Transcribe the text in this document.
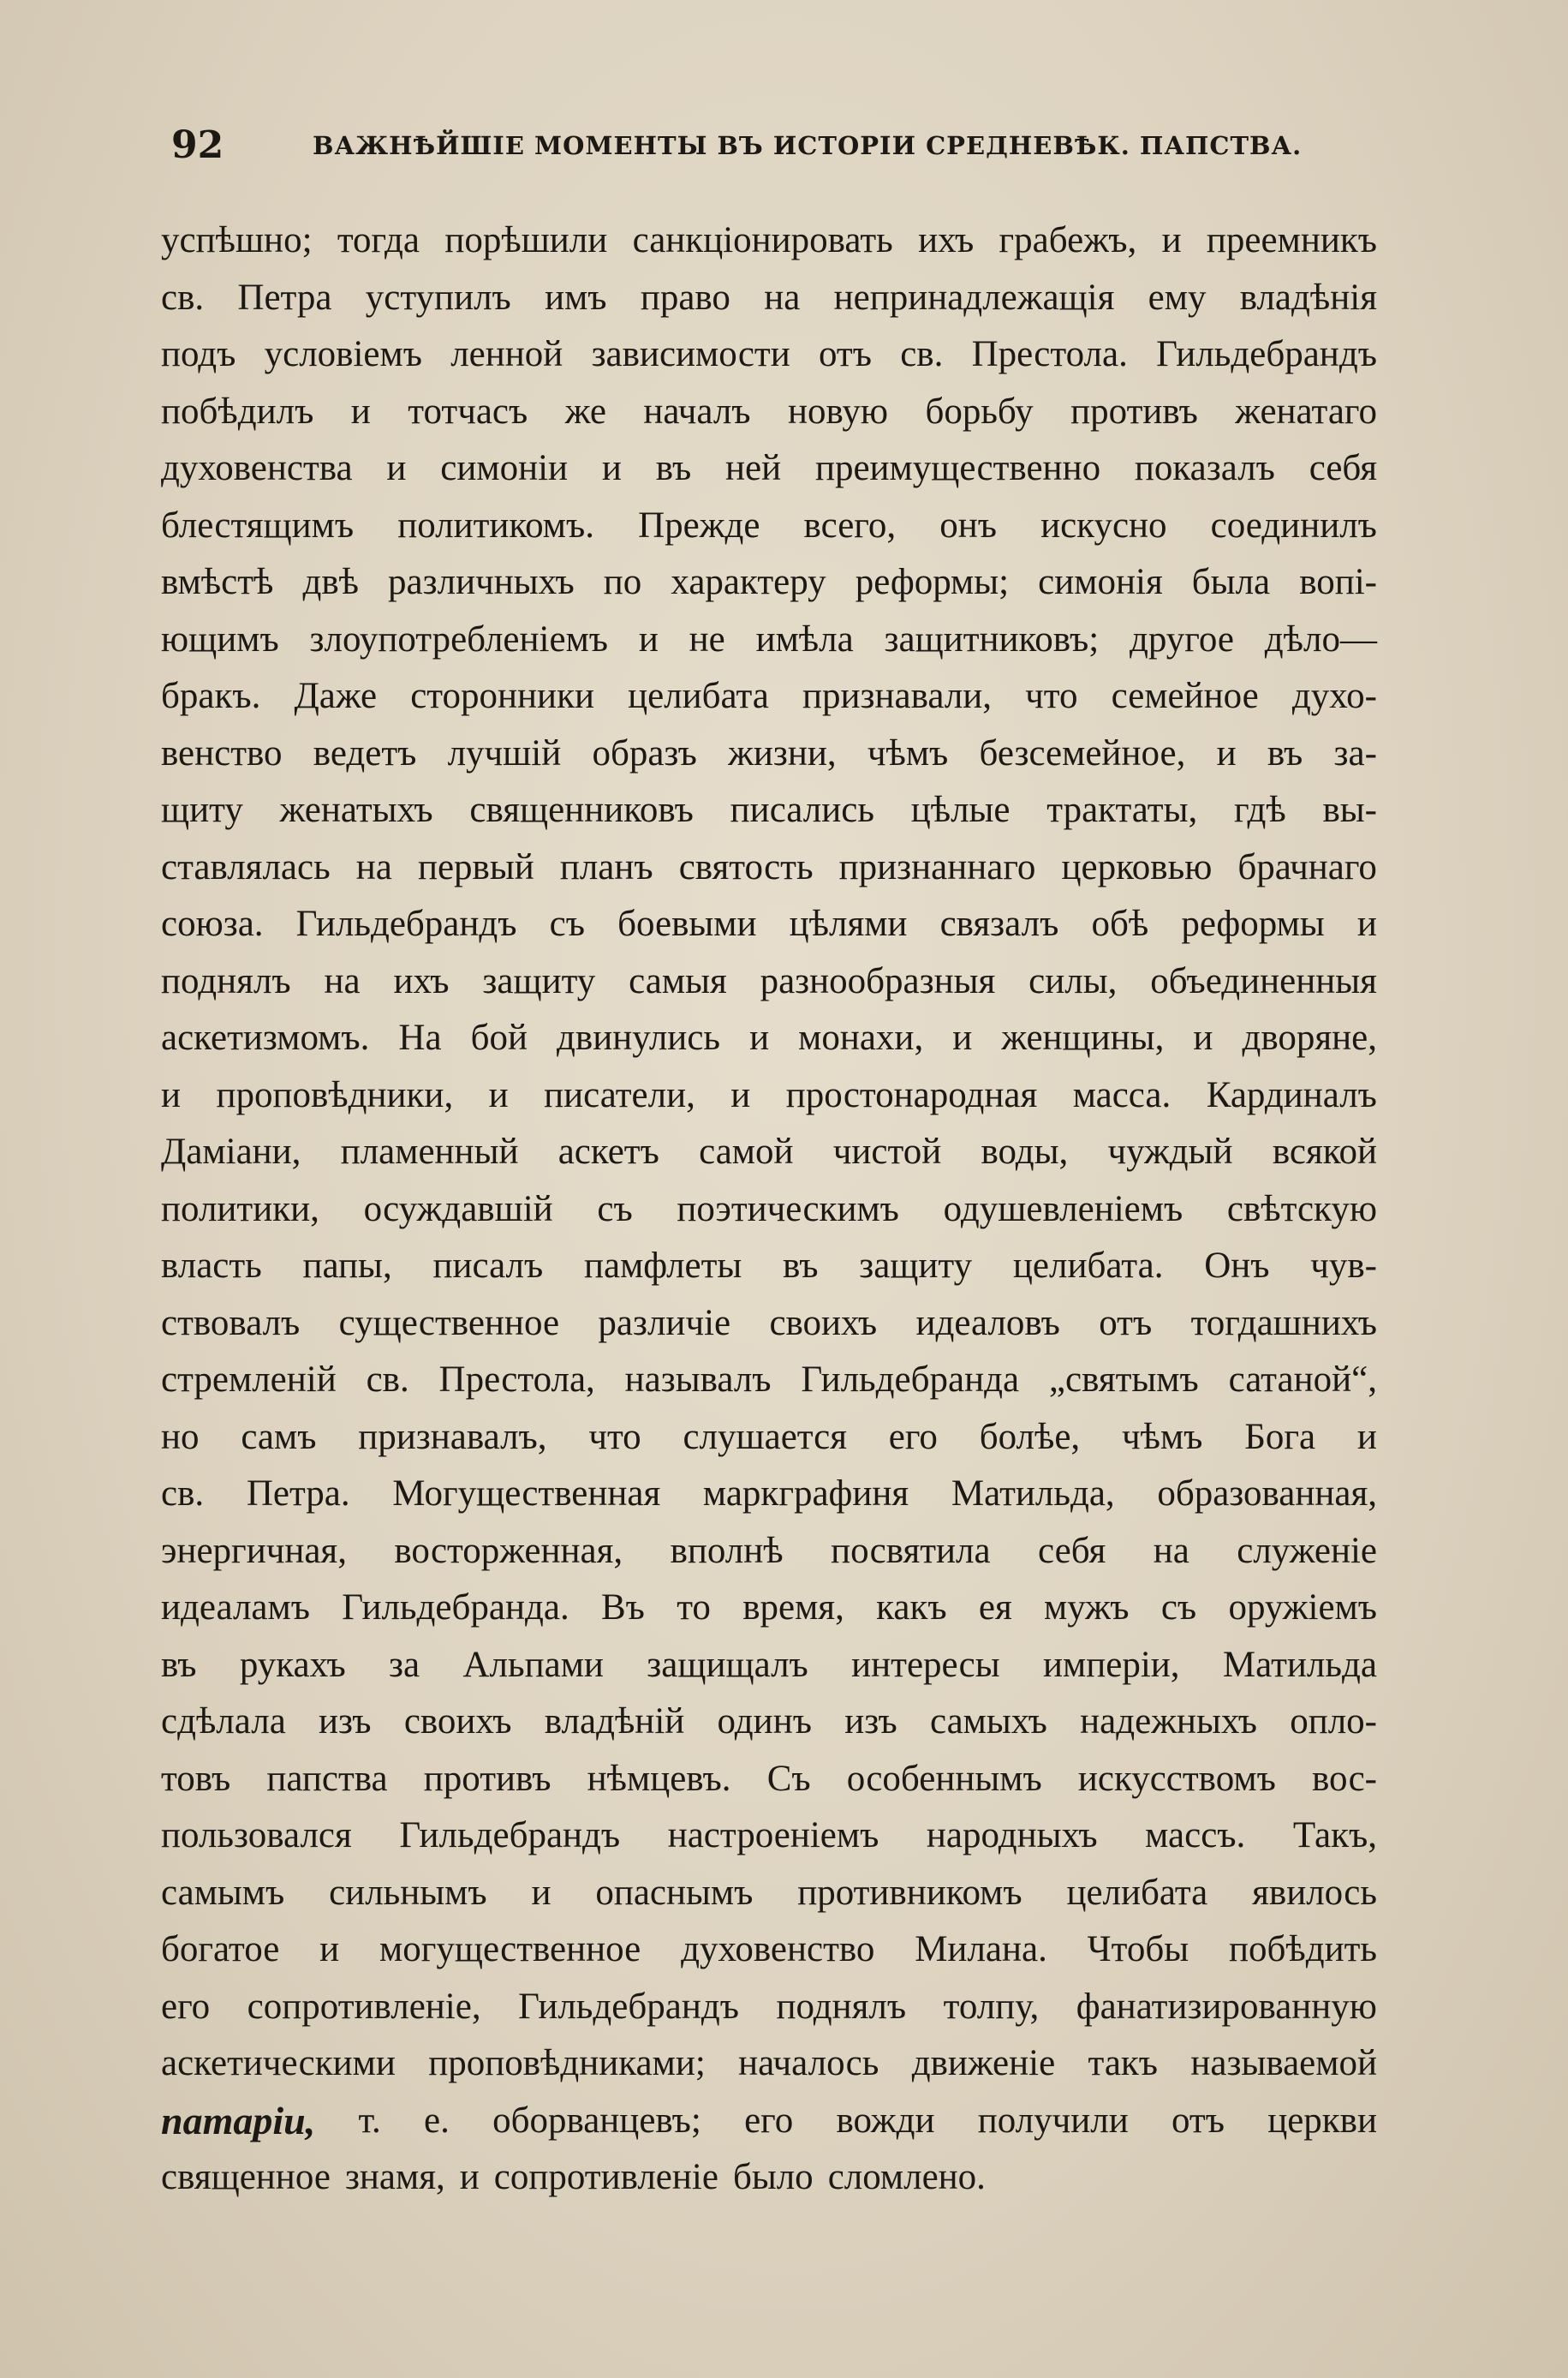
92	ВАЖНѢЙШІЕ МОМЕНТЫ ВЪ ИСТОРІИ СРЕДНЕВѢК. ПАПСТВА.
успѣшно; тогда порѣшили санкціонировать ихъ грабежъ, и преемникъ
св. Петра уступилъ имъ право на непринадлежащія ему владѣнія
подъ условіемъ ленной зависимости отъ св. Престола. Гильдебрандъ
побѣдилъ и тотчасъ же началъ новую борьбу противъ женатаго
духовенства и симоніи и въ ней преимущественно показалъ себя
блестящимъ политикомъ. Прежде всего, онъ искусно соединилъ
вмѣстѣ двѣ различныхъ по характеру реформы; симонія была вопі-
ющимъ злоупотребленіемъ и не имѣла защитниковъ; другое дѣло—
бракъ. Даже сторонники целибата признавали, что семейное духо-
венство ведетъ лучшій образъ жизни, чѣмъ безсемейное, и въ за-
щиту женатыхъ священниковъ писались цѣлые трактаты, гдѣ вы-
ставлялась на первый планъ святость признаннаго церковью брачнаго
союза. Гильдебрандъ съ боевыми цѣлями связалъ обѣ реформы и
поднялъ на ихъ защиту самыя разнообразныя силы, объединенныя
аскетизмомъ. На бой двинулись и монахи, и женщины, и дворяне,
и проповѣдники, и писатели, и простонародная масса. Кардиналъ
Даміани, пламенный аскетъ самой чистой воды, чуждый всякой
политики, осуждавшій съ поэтическимъ одушевленіемъ свѣтскую
власть папы, писалъ памфлеты въ защиту целибата. Онъ чув-
ствовалъ существенное различіе своихъ идеаловъ отъ тогдашнихъ
стремленій св. Престола, называлъ Гильдебранда „святымъ сатаной“,
но самъ признавалъ, что слушается его болѣе, чѣмъ Бога и
св. Петра. Могущественная маркграфиня Матильда, образованная,
энергичная, восторженная, вполнѣ посвятила себя на служеніе
идеаламъ Гильдебранда. Въ то время, какъ ея мужъ съ оружіемъ
въ рукахъ за Альпами защищалъ интересы имперіи, Матильда
сдѣлала изъ своихъ владѣній одинъ изъ самыхъ надежныхъ опло-
товъ папства противъ нѣмцевъ. Съ особеннымъ искусствомъ вос-
пользовался Гильдебрандъ настроеніемъ народныхъ массъ. Такъ,
самымъ сильнымъ и опаснымъ противникомъ целибата явилось
богатое и могущественное духовенство Милана. Чтобы побѣдить
его сопротивленіе, Гильдебрандъ поднялъ толпу, фанатизированную
аскетическими проповѣдниками; началось движеніе такъ называемой
патаріи, т. е. оборванцевъ; его вожди получили отъ церкви
священное знамя, и сопротивленіе было сломлено.
